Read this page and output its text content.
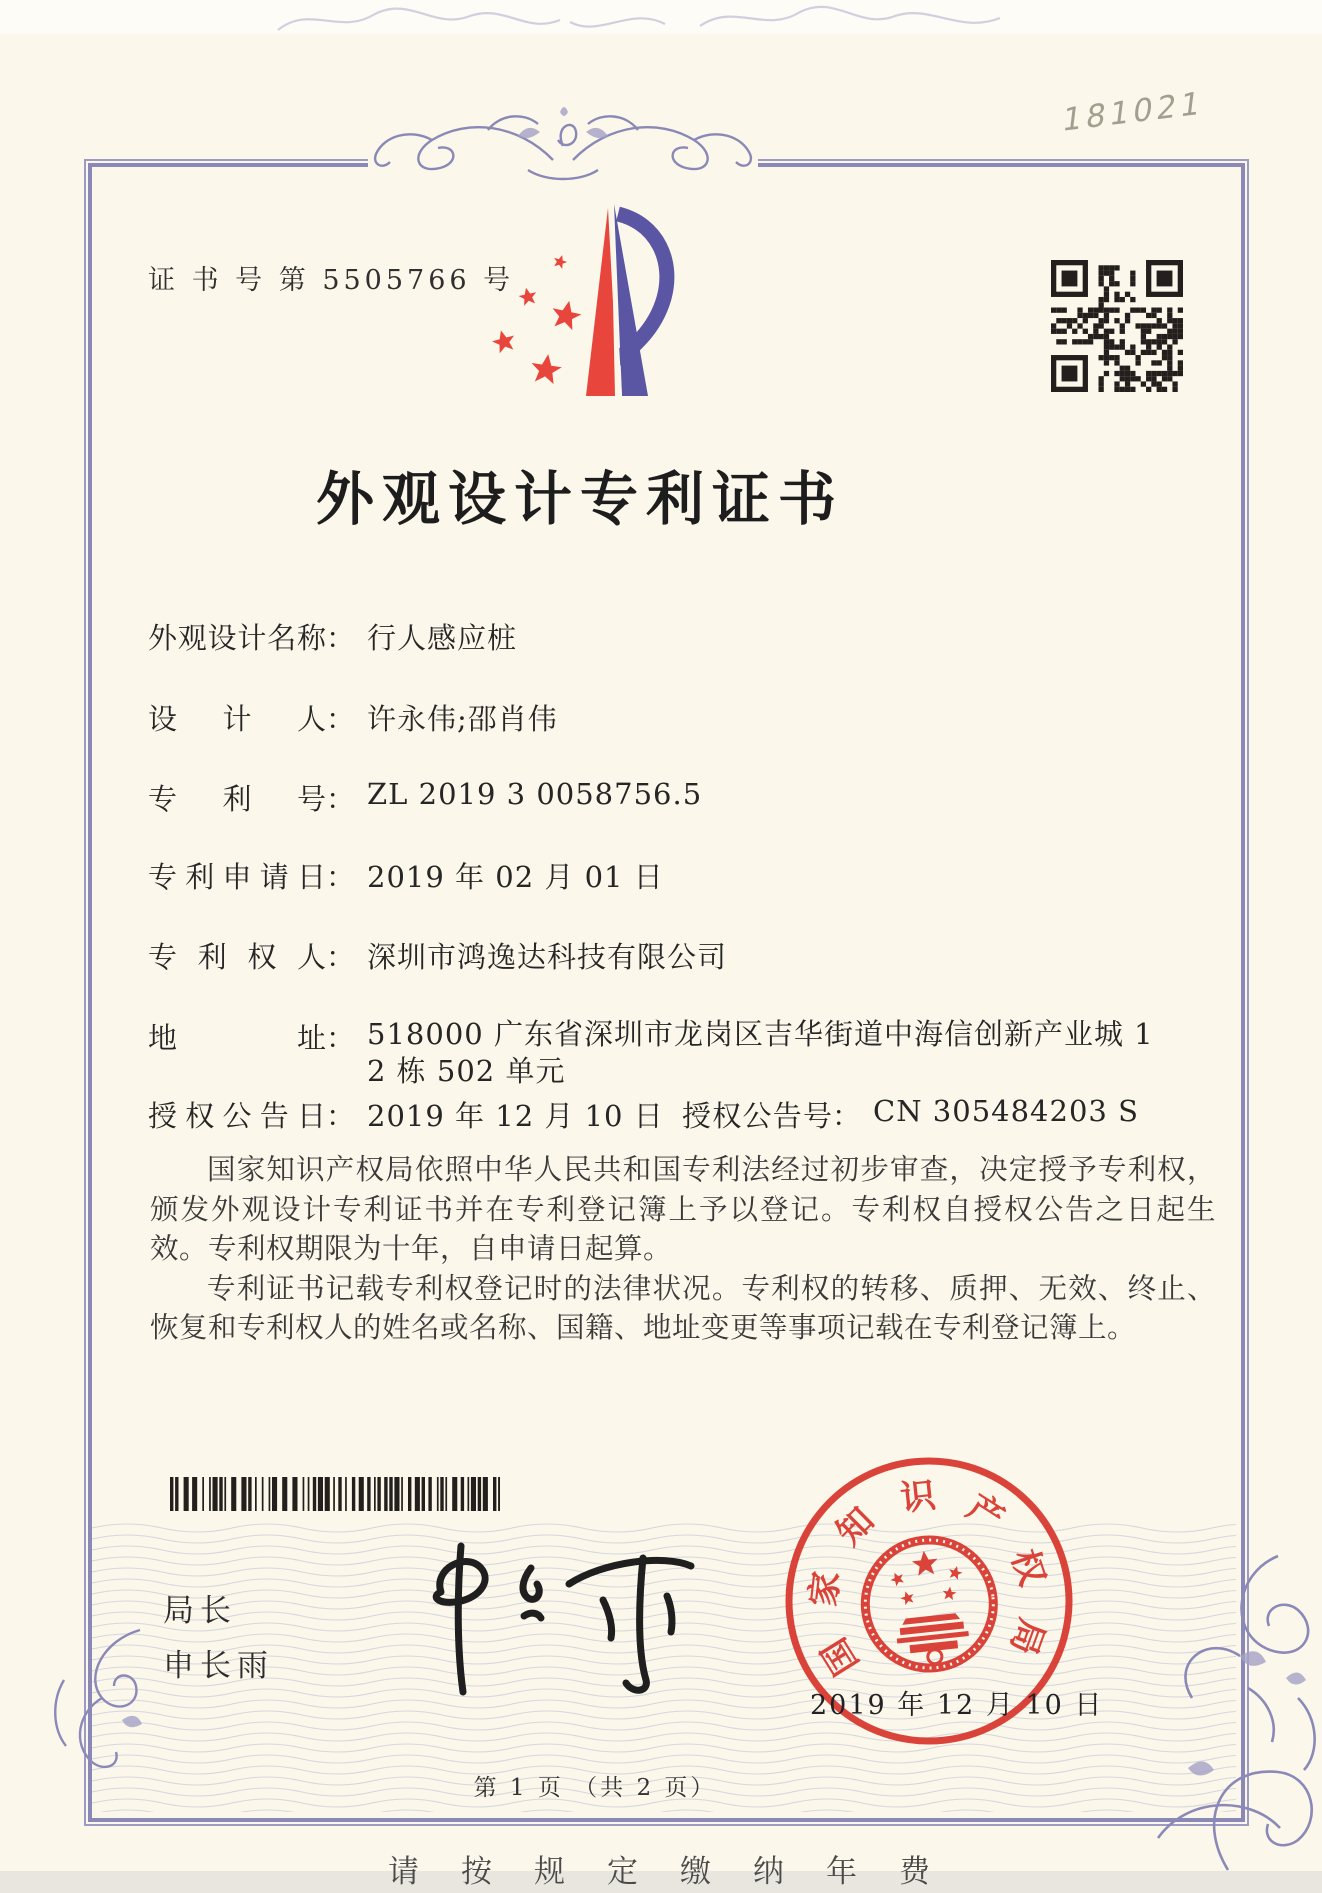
181021
证 书 号 第 5505766 号
外观设计专利证书
外观设计名称： 行人感应桩
设计人： 许永伟;邵肖伟
专利号： ZL 2019 3 0058756.5
专利申请日： 2019 年 02 月 01 日
专利权人： 深圳市鸿逸达科技有限公司
地址： 518000 广东省深圳市龙岗区吉华街道中海信创新产业城 1
2 栋 502 单元
授权公告日： 2019 年 12 月 10 日 授权公告号： CN 305484203 S

国家知识产权局依照中华人民共和国专利法经过初步审查，决定授予专利权，颁发外观设计专利证书并在专利登记簿上予以登记。专利权自授权公告之日起生效。专利权期限为十年，自申请日起算。

专利证书记载专利权登记时的法律状况。专利权的转移、质押、无效、终止、恢复和专利权人的姓名或名称、国籍、地址变更等事项记载在专利登记簿上。

局长
申长雨	国
家
知
识 产
权
局
2019 年 12 月 10 日
第 1 页 （共 2 页）
请按规定缴纳年费
